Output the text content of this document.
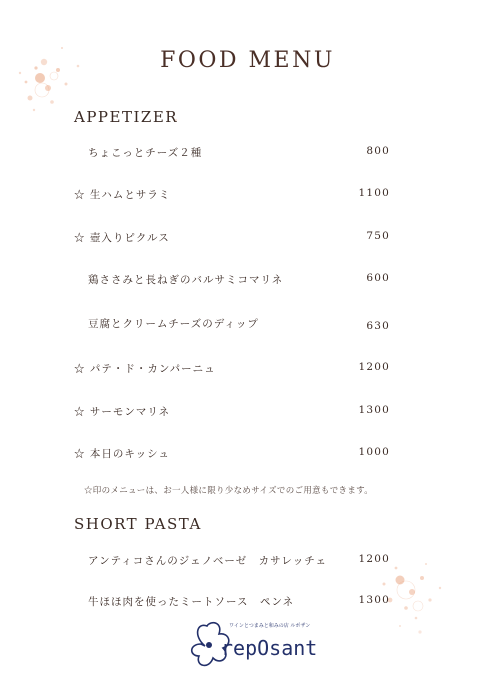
FOOD MENU
APPETIZER
ちょこっとチーズ２種	800
☆ 生ハムとサラミ	1100
☆ 壺入りピクルス	750
鶏ささみと長ねぎのバルサミコマリネ	600
豆腐とクリームチーズのディップ	630
☆ パテ・ド・カンパーニュ	1200
☆ サーモンマリネ	1300
☆ 本日のキッシュ	1000
☆印のメニューは、お一人様に限り少なめサイズでのご用意もできます。
SHORT PASTA
アンティコさんのジェノベーゼ　カサレッチェ	1200
牛ほほ肉を使ったミートソース　ペンネ	1300
ワインとつまみと和みの店 ルポザン
repOsant
